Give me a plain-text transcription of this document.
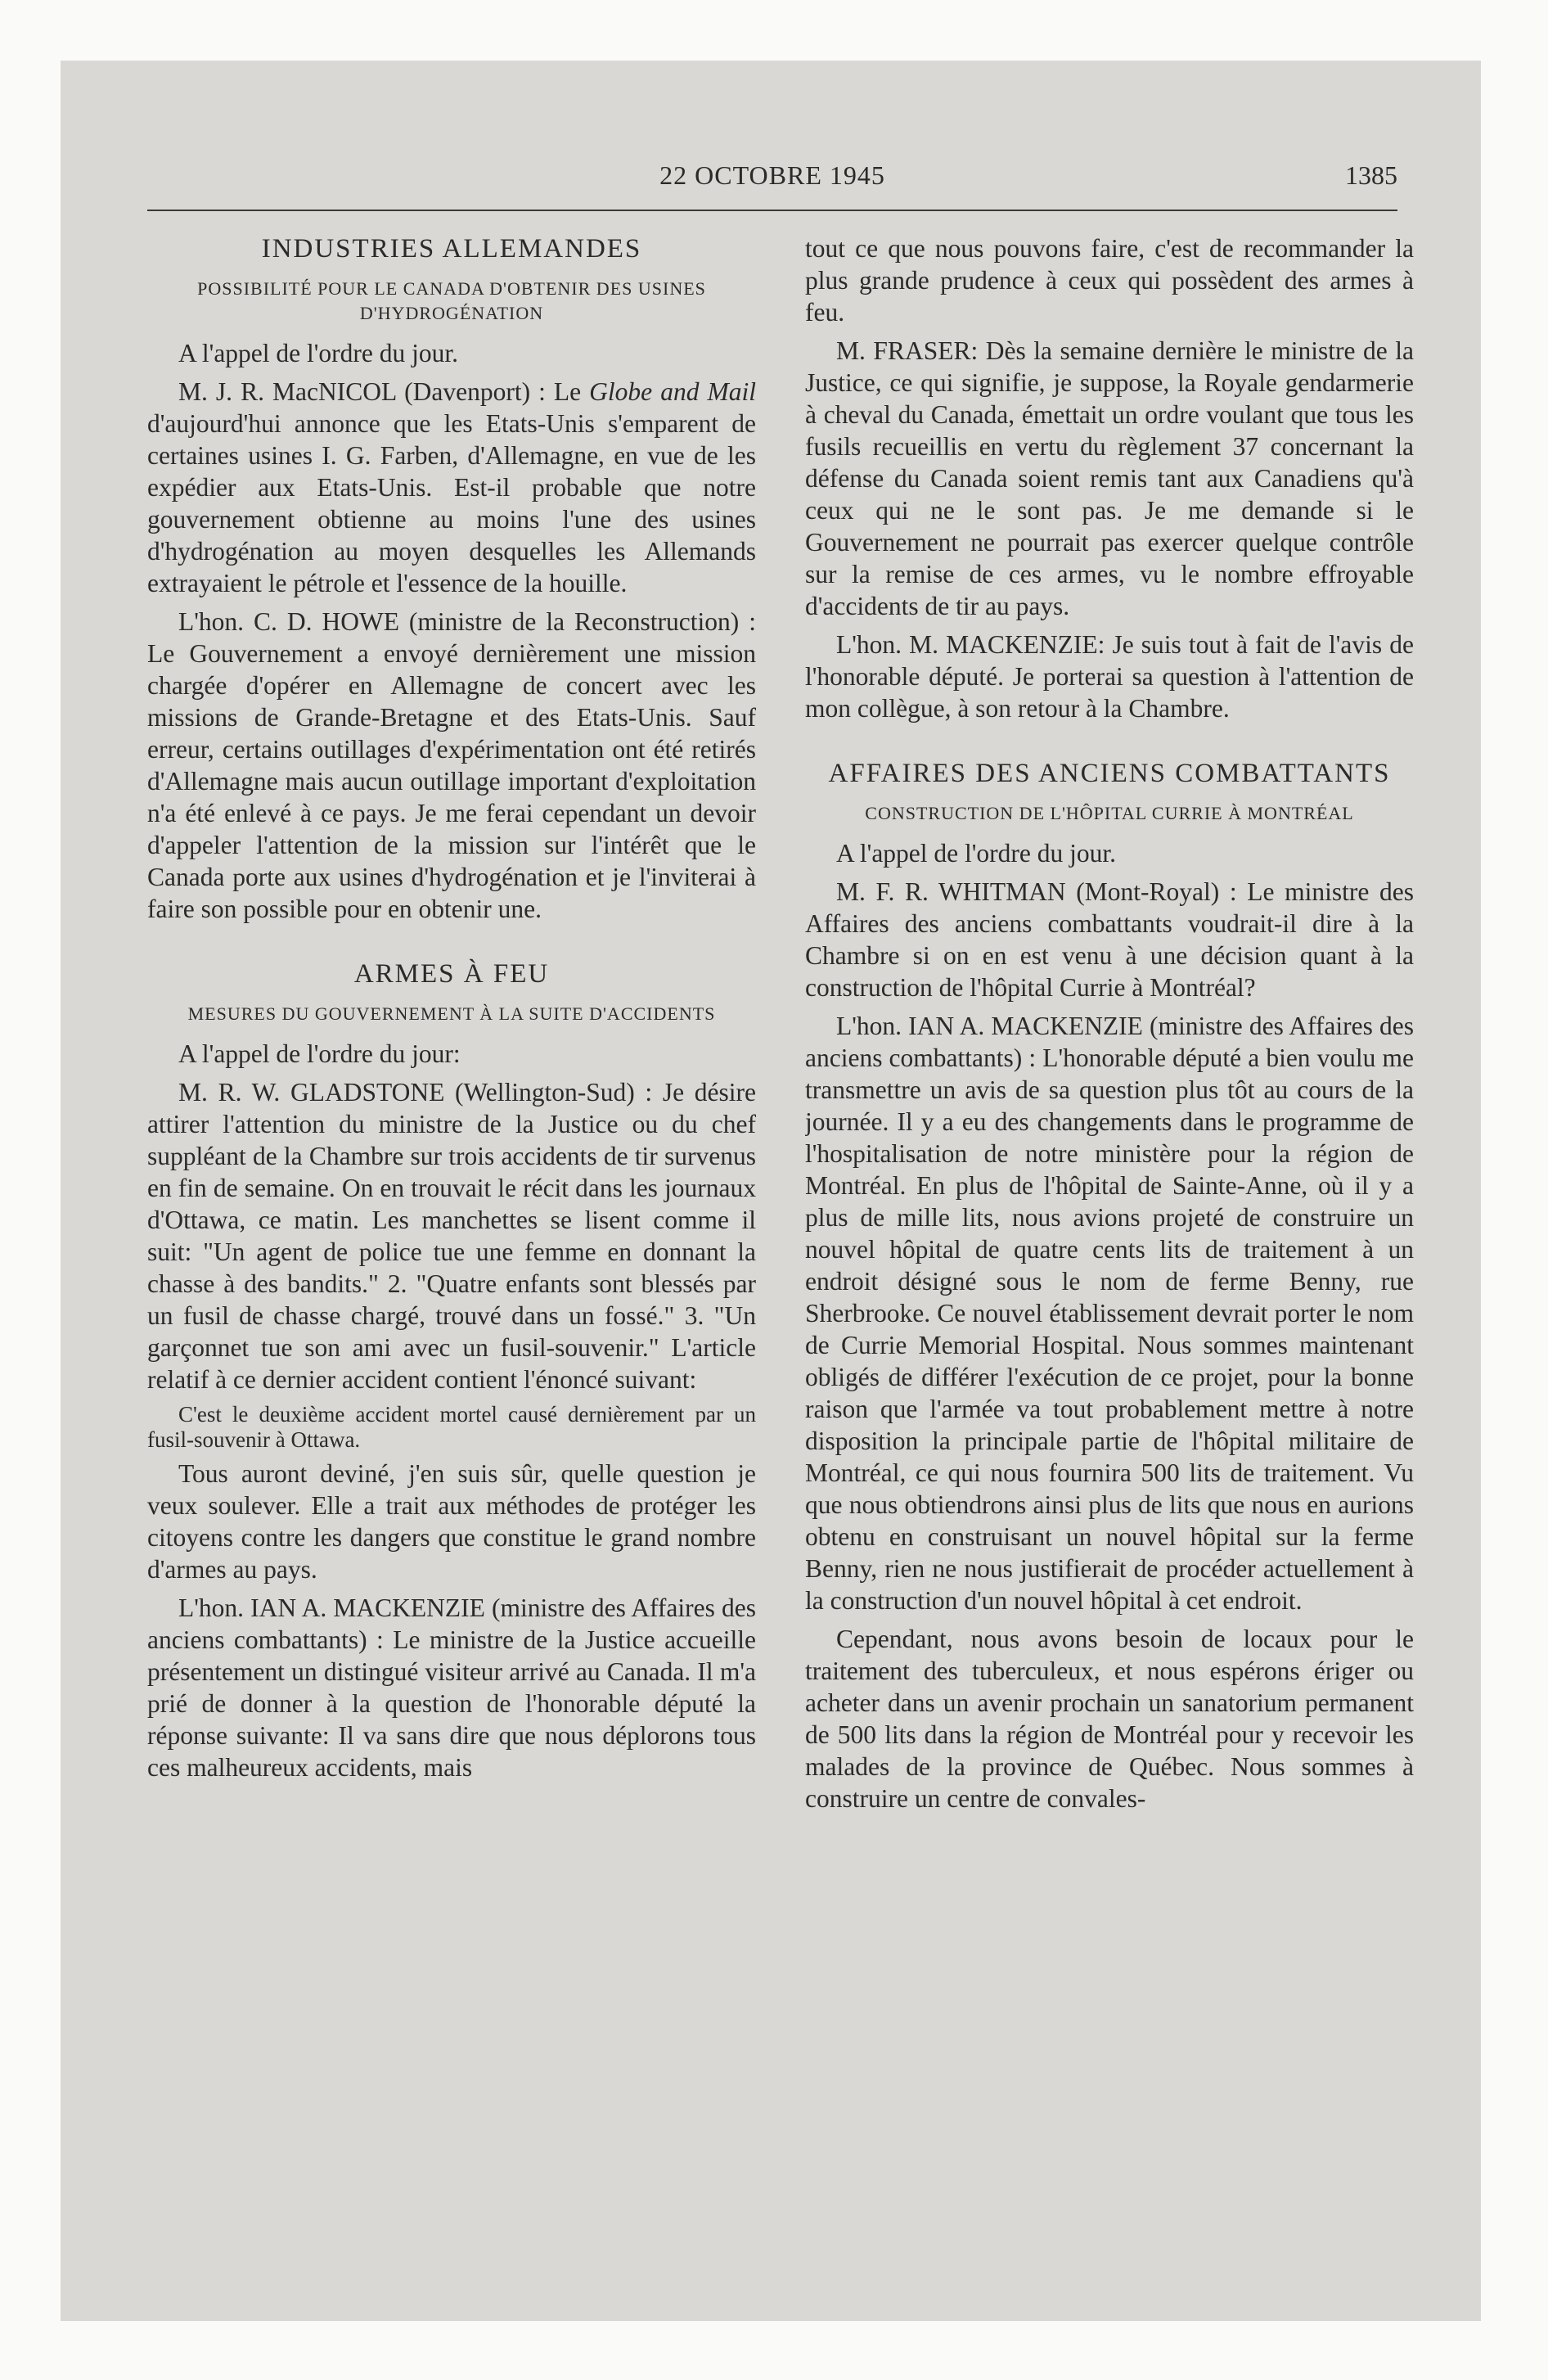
22 OCTOBRE 1945	1385
INDUSTRIES ALLEMANDES
POSSIBILITÉ POUR LE CANADA D'OBTENIR DES USINES D'HYDROGÉNATION

A l'appel de l'ordre du jour.

M. J. R. MacNICOL (Davenport) : Le Globe and Mail d'aujourd'hui annonce que les Etats-Unis s'emparent de certaines usines I. G. Farben, d'Allemagne, en vue de les expédier aux Etats-Unis. Est-il probable que notre gouvernement obtienne au moins l'une des usines d'hydrogénation au moyen desquelles les Allemands extrayaient le pétrole et l'essence de la houille.

L'hon. C. D. HOWE (ministre de la Reconstruction) : Le Gouvernement a envoyé dernièrement une mission chargée d'opérer en Allemagne de concert avec les missions de Grande-Bretagne et des Etats-Unis. Sauf erreur, certains outillages d'expérimentation ont été retirés d'Allemagne mais aucun outillage important d'exploitation n'a été enlevé à ce pays. Je me ferai cependant un devoir d'appeler l'attention de la mission sur l'intérêt que le Canada porte aux usines d'hydrogénation et je l'inviterai à faire son possible pour en obtenir une.

ARMES À FEU
MESURES DU GOUVERNEMENT À LA SUITE D'ACCIDENTS

A l'appel de l'ordre du jour:

M. R. W. GLADSTONE (Wellington-Sud) : Je désire attirer l'attention du ministre de la Justice ou du chef suppléant de la Chambre sur trois accidents de tir survenus en fin de semaine. On en trouvait le récit dans les journaux d'Ottawa, ce matin. Les manchettes se lisent comme il suit: "Un agent de police tue une femme en donnant la chasse à des bandits." 2. "Quatre enfants sont blessés par un fusil de chasse chargé, trouvé dans un fossé." 3. "Un garçonnet tue son ami avec un fusil-souvenir." L'article relatif à ce dernier accident contient l'énoncé suivant:

C'est le deuxième accident mortel causé dernièrement par un fusil-souvenir à Ottawa.

Tous auront deviné, j'en suis sûr, quelle question je veux soulever. Elle a trait aux méthodes de protéger les citoyens contre les dangers que constitue le grand nombre d'armes au pays.

L'hon. IAN A. MACKENZIE (ministre des Affaires des anciens combattants) : Le ministre de la Justice accueille présentement un distingué visiteur arrivé au Canada. Il m'a prié de donner à la question de l'honorable député la réponse suivante: Il va sans dire que nous déplorons tous ces malheureux accidents, mais

tout ce que nous pouvons faire, c'est de recommander la plus grande prudence à ceux qui possèdent des armes à feu.

M. FRASER: Dès la semaine dernière le ministre de la Justice, ce qui signifie, je suppose, la Royale gendarmerie à cheval du Canada, émettait un ordre voulant que tous les fusils recueillis en vertu du règlement 37 concernant la défense du Canada soient remis tant aux Canadiens qu'à ceux qui ne le sont pas. Je me demande si le Gouvernement ne pourrait pas exercer quelque contrôle sur la remise de ces armes, vu le nombre effroyable d'accidents de tir au pays.

L'hon. M. MACKENZIE: Je suis tout à fait de l'avis de l'honorable député. Je porterai sa question à l'attention de mon collègue, à son retour à la Chambre.

AFFAIRES DES ANCIENS COMBATTANTS
CONSTRUCTION DE L'HÔPITAL CURRIE À MONTRÉAL

A l'appel de l'ordre du jour.

M. F. R. WHITMAN (Mont-Royal) : Le ministre des Affaires des anciens combattants voudrait-il dire à la Chambre si on en est venu à une décision quant à la construction de l'hôpital Currie à Montréal?

L'hon. IAN A. MACKENZIE (ministre des Affaires des anciens combattants) : L'honorable député a bien voulu me transmettre un avis de sa question plus tôt au cours de la journée. Il y a eu des changements dans le programme de l'hospitalisation de notre ministère pour la région de Montréal. En plus de l'hôpital de Sainte-Anne, où il y a plus de mille lits, nous avions projeté de construire un nouvel hôpital de quatre cents lits de traitement à un endroit désigné sous le nom de ferme Benny, rue Sherbrooke. Ce nouvel établissement devrait porter le nom de Currie Memorial Hospital. Nous sommes maintenant obligés de différer l'exécution de ce projet, pour la bonne raison que l'armée va tout probablement mettre à notre disposition la principale partie de l'hôpital militaire de Montréal, ce qui nous fournira 500 lits de traitement. Vu que nous obtiendrons ainsi plus de lits que nous en aurions obtenu en construisant un nouvel hôpital sur la ferme Benny, rien ne nous justifierait de procéder actuellement à la construction d'un nouvel hôpital à cet endroit.

Cependant, nous avons besoin de locaux pour le traitement des tuberculeux, et nous espérons ériger ou acheter dans un avenir prochain un sanatorium permanent de 500 lits dans la région de Montréal pour y recevoir les malades de la province de Québec. Nous sommes à construire un centre de convales-
